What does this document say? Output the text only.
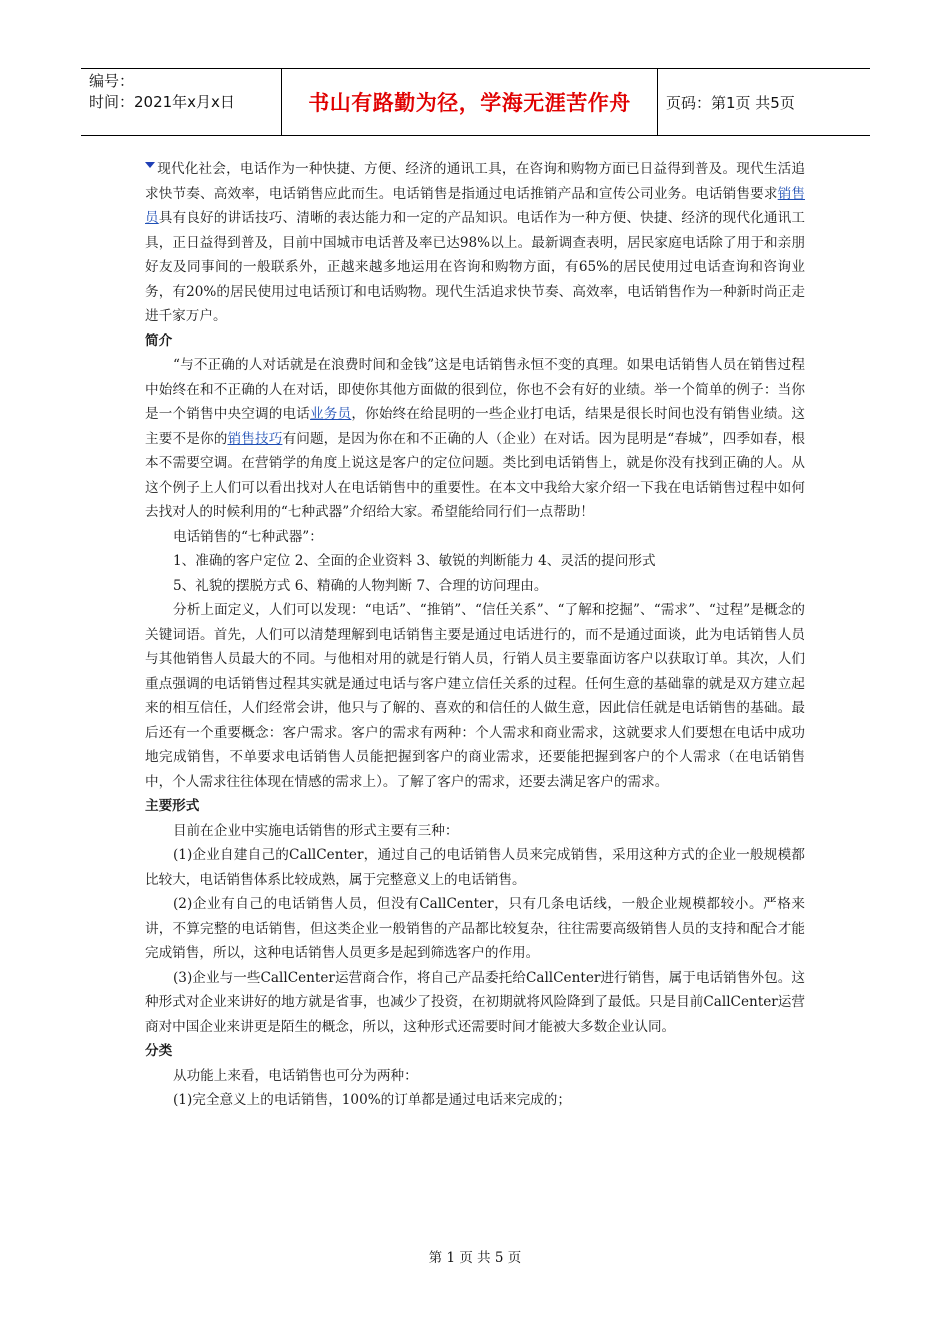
编号：
时间：2021年x月x日	书山有路勤为径，学海无涯苦作舟	页码：第1页 共5页

现代化社会，电话作为一种快捷、方便、经济的通讯工具，在咨询和购物方面已日益得到普及。现代生活追求快节奏、高效率，电话销售应此而生。电话销售是指通过电话推销产品和宣传公司业务。电话销售要求销售员具有良好的讲话技巧、清晰的表达能力和一定的产品知识。电话作为一种方便、快捷、经济的现代化通讯工具，正日益得到普及，目前中国城市电话普及率已达98%以上。最新调查表明，居民家庭电话除了用于和亲朋好友及同事间的一般联系外，正越来越多地运用在咨询和购物方面，有65%的居民使用过电话查询和咨询业务，有20%的居民使用过电话预订和电话购物。现代生活追求快节奏、高效率，电话销售作为一种新时尚正走进千家万户。

简介

“与不正确的人对话就是在浪费时间和金钱”这是电话销售永恒不变的真理。如果电话销售人员在销售过程中始终在和不正确的人在对话，即使你其他方面做的很到位，你也不会有好的业绩。举一个简单的例子：当你是一个销售中央空调的电话业务员，你始终在给昆明的一些企业打电话，结果是很长时间也没有销售业绩。这主要不是你的销售技巧有问题，是因为你在和不正确的人（企业）在对话。因为昆明是“春城”，四季如春，根本不需要空调。在营销学的角度上说这是客户的定位问题。类比到电话销售上，就是你没有找到正确的人。从这个例子上人们可以看出找对人在电话销售中的重要性。在本文中我给大家介绍一下我在电话销售过程中如何去找对人的时候利用的“七种武器”介绍给大家。希望能给同行们一点帮助！

电话销售的“七种武器”：

1、准确的客户定位 2、全面的企业资料 3、敏锐的判断能力 4、灵活的提问形式

5、礼貌的摆脱方式 6、精确的人物判断 7、合理的访问理由。

分析上面定义，人们可以发现：“电话”、“推销”、“信任关系”、“了解和挖掘”、“需求”、“过程”是概念的关键词语。首先，人们可以清楚理解到电话销售主要是通过电话进行的，而不是通过面谈，此为电话销售人员与其他销售人员最大的不同。与他相对用的就是行销人员，行销人员主要靠面访客户以获取订单。其次，人们重点强调的电话销售过程其实就是通过电话与客户建立信任关系的过程。任何生意的基础靠的就是双方建立起来的相互信任，人们经常会讲，他只与了解的、喜欢的和信任的人做生意，因此信任就是电话销售的基础。最后还有一个重要概念：客户需求。客户的需求有两种：个人需求和商业需求，这就要求人们要想在电话中成功地完成销售，不单要求电话销售人员能把握到客户的商业需求，还要能把握到客户的个人需求（在电话销售中，个人需求往往体现在情感的需求上）。了解了客户的需求，还要去满足客户的需求。

主要形式

目前在企业中实施电话销售的形式主要有三种：

(1)企业自建自己的CallCenter，通过自己的电话销售人员来完成销售，采用这种方式的企业一般规模都比较大，电话销售体系比较成熟，属于完整意义上的电话销售。

(2)企业有自己的电话销售人员，但没有CallCenter，只有几条电话线，一般企业规模都较小。严格来讲，不算完整的电话销售，但这类企业一般销售的产品都比较复杂，往往需要高级销售人员的支持和配合才能完成销售，所以，这种电话销售人员更多是起到筛选客户的作用。

(3)企业与一些CallCenter运营商合作，将自己产品委托给CallCenter进行销售，属于电话销售外包。这种形式对企业来讲好的地方就是省事，也减少了投资，在初期就将风险降到了最低。只是目前CallCenter运营商对中国企业来讲更是陌生的概念，所以，这种形式还需要时间才能被大多数企业认同。

分类

从功能上来看，电话销售也可分为两种：

(1)完全意义上的电话销售，100%的订单都是通过电话来完成的；

第 1 页 共 5 页
